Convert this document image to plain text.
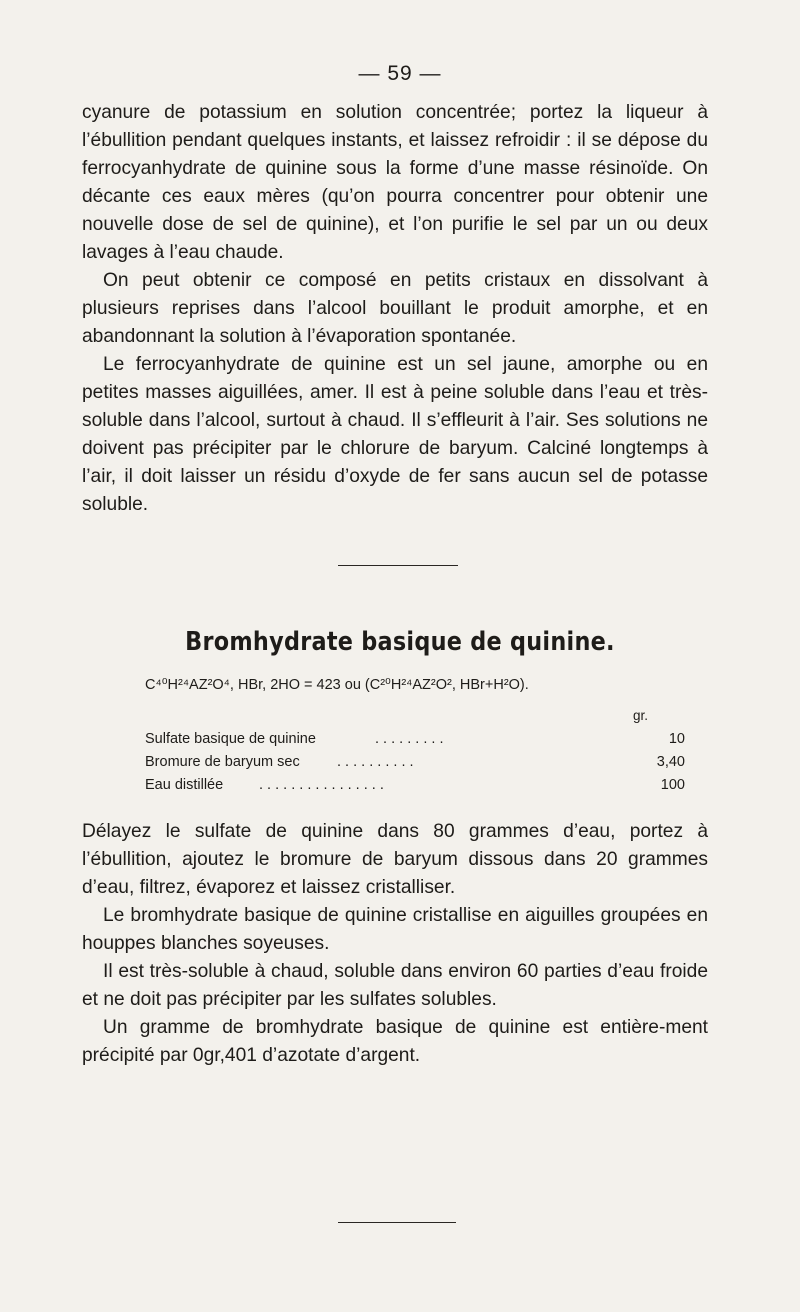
— 59 —

cyanure de potassium en solution concentrée; portez la liqueur à l’ébullition pendant quelques instants, et laissez refroidir : il se dépose du ferrocyanhydrate de quinine sous la forme d’une masse résinoïde. On décante ces eaux mères (qu’on pourra concentrer pour obtenir une nouvelle dose de sel de quinine), et l’on purifie le sel par un ou deux lavages à l’eau chaude.

On peut obtenir ce composé en petits cristaux en dissolvant à plusieurs reprises dans l’alcool bouillant le produit amorphe, et en abandonnant la solution à l’évaporation spontanée.

Le ferrocyanhydrate de quinine est un sel jaune, amorphe ou en petites masses aiguillées, amer. Il est à peine soluble dans l’eau et très-soluble dans l’alcool, surtout à chaud. Il s’effleurit à l’air. Ses solutions ne doivent pas précipiter par le chlorure de baryum. Calciné longtemps à l’air, il doit laisser un résidu d’oxyde de fer sans aucun sel de potasse soluble.

Bromhydrate basique de quinine.
C⁴⁰H²⁴AZ²O⁴, HBr, 2HO = 423 ou (C²⁰H²⁴AZ²O², HBr+H²O).
gr.
Sulfate basique de quinine	. . . . . . . . .	10
Bromure de baryum sec	. . . . . . . . . .	3,40
Eau distillée . . . . . . . . . . . . . . . .	100

Délayez le sulfate de quinine dans 80 grammes d’eau, portez à l’ébullition, ajoutez le bromure de baryum dissous dans 20 grammes d’eau, filtrez, évaporez et laissez cristalliser.

Le bromhydrate basique de quinine cristallise en aiguilles groupées en houppes blanches soyeuses.

Il est très-soluble à chaud, soluble dans environ 60 parties d’eau froide et ne doit pas précipiter par les sulfates solubles.

Un gramme de bromhydrate basique de quinine est entière-ment précipité par 0gr,401 d’azotate d’argent.
